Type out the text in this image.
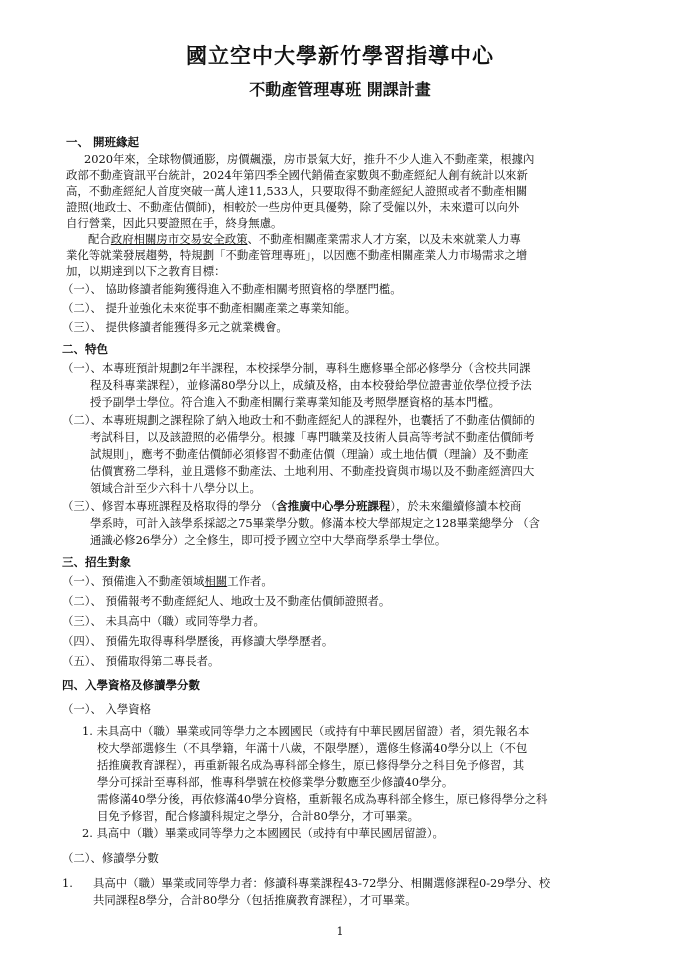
國立空中大學新竹學習指導中心
不動產管理專班 開課計畫
一、 開班緣起
2020年來，全球物價通膨，房價飆漲，房市景氣大好，推升不少人進入不動產業，根據內
政部不動產資訊平台統計，2024年第四季全國代銷備查家數與不動產經紀人創有統計以來新
高，不動產經紀人首度突破一萬人達11,533人，只要取得不動產經紀人證照或者不動產相關
證照(地政士、不動產估價師)，相較於一些房仲更具優勢，除了受僱以外，未來還可以向外
自行營業，因此只要證照在手，終身無慮。
配合政府相關房市交易安全政策、不動產相關產業需求人才方案，以及未來就業人力專
業化等就業發展趨勢，特規劃「不動產管理專班」，以因應不動產相關產業人力市場需求之增
加，以期達到以下之教育目標：
（一）、 協助修讀者能夠獲得進入不動產相關考照資格的學歷門檻。
（二）、 提升並強化未來從事不動產相關產業之專業知能。
（三）、 提供修讀者能獲得多元之就業機會。
二、特色
（一）、本專班預計規劃2年半課程，本校採學分制，專科生應修畢全部必修學分（含校共同課
程及科專業課程），並修滿80學分以上，成績及格，由本校發給學位證書並依學位授予法
授予副學士學位。符合進入不動產相關行業專業知能及考照學歷資格的基本門檻。
（二）、本專班規劃之課程除了納入地政士和不動產經紀人的課程外，也囊括了不動產估價師的
考試科目，以及該證照的必備學分。根據「專門職業及技術人員高等考試不動產估價師考
試規則」，應考不動產估價師必須修習不動產估價（理論）或土地估價（理論）及不動產
估價實務二學科，並且選修不動產法、土地利用、不動產投資與市場以及不動產經濟四大
領域合計至少六科十八學分以上。
（三）、修習本專班課程及格取得的學分 （含推廣中心學分班課程），於未來繼續修讀本校商
學系時，可計入該學系採認之75畢業學分數。修滿本校大學部規定之128畢業總學分 （含
通識必修26學分）之全修生，即可授予國立空中大學商學系學士學位。
三、招生對象
（一）、預備進入不動產領域相關工作者。
（二）、 預備報考不動產經紀人、地政士及不動產估價師證照者。
（三）、 未具高中（職）或同等學力者。
（四）、 預備先取得專科學歷後，再修讀大學學歷者。
（五）、 預備取得第二專長者。
四、入學資格及修讀學分數
（一）、 入學資格
1. 未具高中（職）畢業或同等學力之本國國民（或持有中華民國居留證）者，須先報名本
校大學部選修生（不具學籍，年滿十八歲，不限學歷），選修生修滿40學分以上（不包
括推廣教育課程），再重新報名成為專科部全修生，原已修得學分之科目免予修習，其
學分可採計至專科部，惟專科學號在校修業學分數應至少修讀40學分。
需修滿40學分後，再依修滿40學分資格，重新報名成為專科部全修生，原已修得學分之科
目免予修習，配合修讀科規定之學分，合計80學分，才可畢業。
2. 具高中（職）畢業或同等學力之本國國民（或持有中華民國居留證）。
（二）、修讀學分數
1. 具高中（職）畢業或同等學力者：修讀科專業課程43-72學分、相關選修課程0-29學分、校
共同課程8學分，合計80學分（包括推廣教育課程），才可畢業。
1
